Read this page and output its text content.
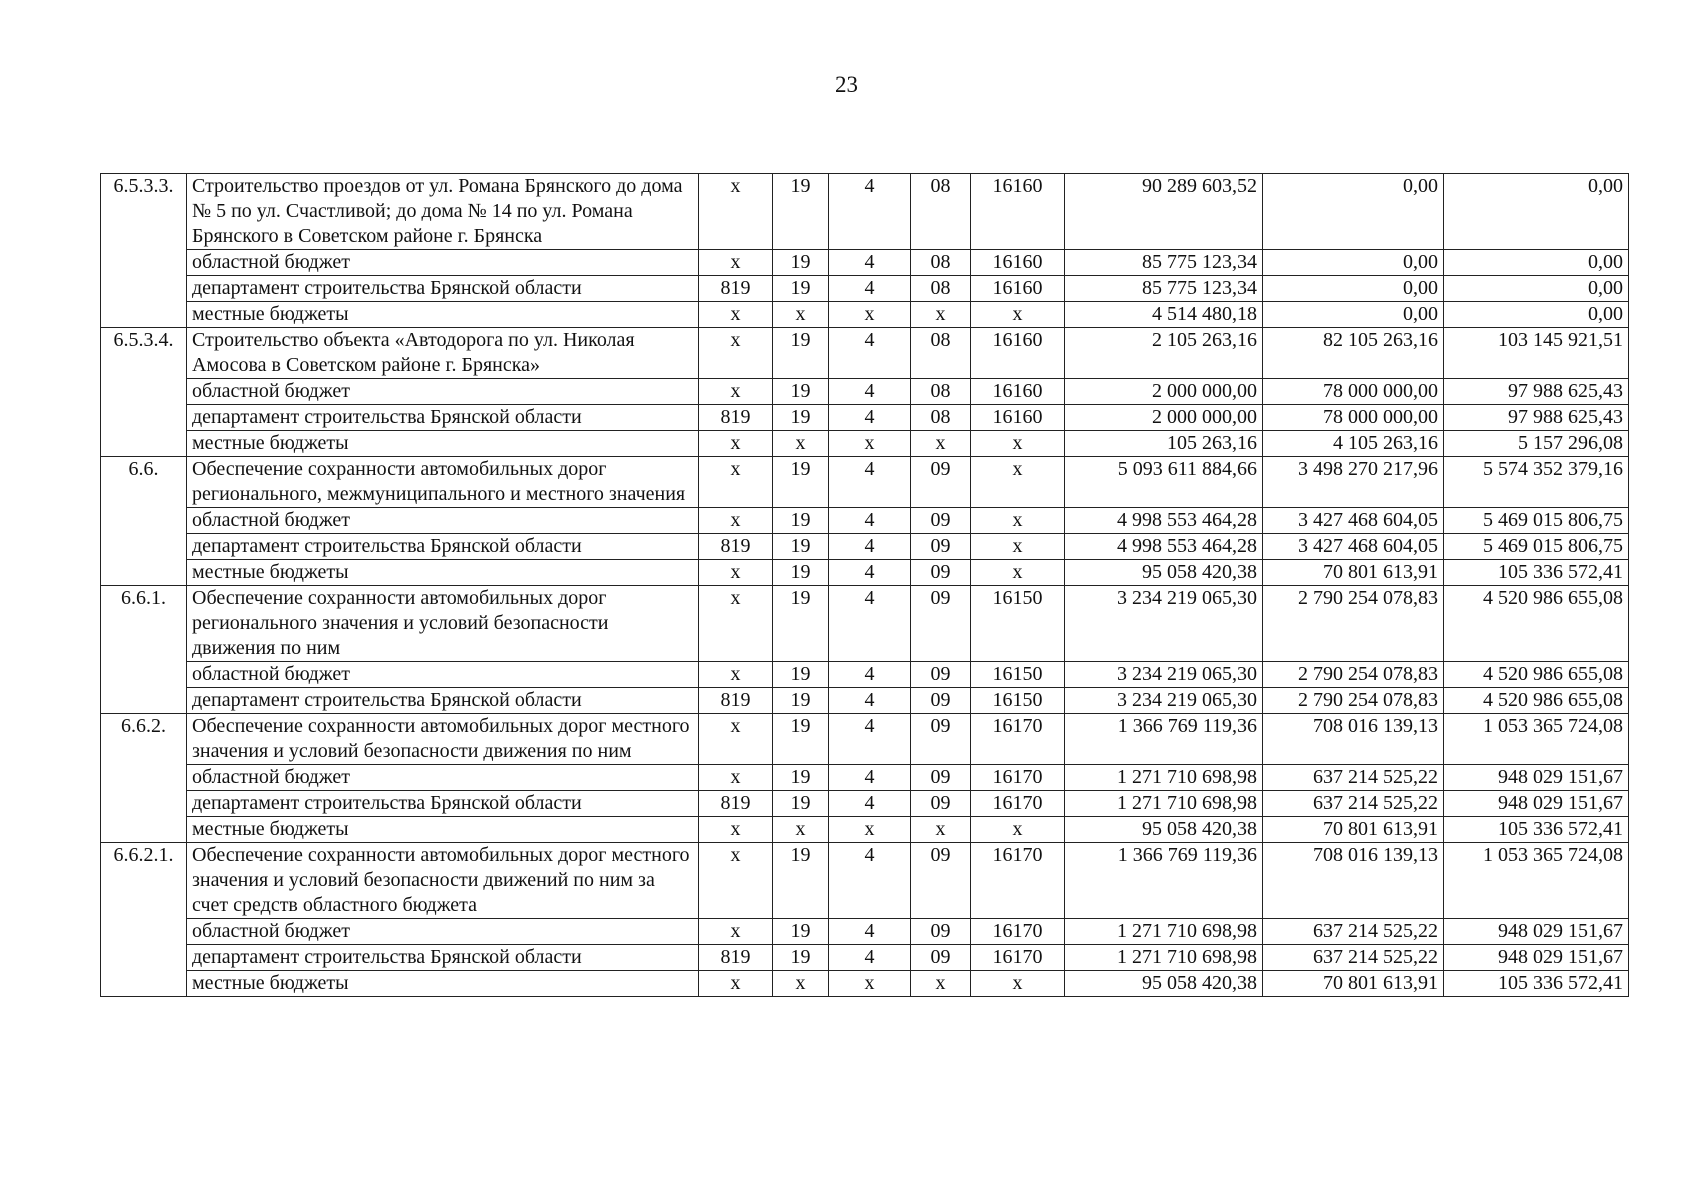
23
6.5.3.3.	Строительство проездов от ул. Романа Брянского до дома № 5 по ул. Счастливой; до дома № 14 по ул. Романа Брянского в Советском районе г. Брянска	х	19	4	08	16160	90 289 603,52	0,00	0,00
	областной бюджет	х	19	4	08	16160	85 775 123,34	0,00	0,00
	департамент строительства Брянской области	819	19	4	08	16160	85 775 123,34	0,00	0,00
	местные бюджеты	х	х	х	х	х	4 514 480,18	0,00	0,00
6.5.3.4.	Строительство объекта «Автодорога по ул. Николая Амосова в Советском районе г. Брянска»	х	19	4	08	16160	2 105 263,16	82 105 263,16	103 145 921,51
	областной бюджет	х	19	4	08	16160	2 000 000,00	78 000 000,00	97 988 625,43
	департамент строительства Брянской области	819	19	4	08	16160	2 000 000,00	78 000 000,00	97 988 625,43
	местные бюджеты	х	х	х	х	х	105 263,16	4 105 263,16	5 157 296,08
6.6.	Обеспечение сохранности автомобильных дорог регионального, межмуниципального и местного значения	х	19	4	09	х	5 093 611 884,66	3 498 270 217,96	5 574 352 379,16
	областной бюджет	х	19	4	09	х	4 998 553 464,28	3 427 468 604,05	5 469 015 806,75
	департамент строительства Брянской области	819	19	4	09	х	4 998 553 464,28	3 427 468 604,05	5 469 015 806,75
	местные бюджеты	х	19	4	09	х	95 058 420,38	70 801 613,91	105 336 572,41
6.6.1.	Обеспечение сохранности автомобильных дорог регионального значения и условий безопасности движения по ним	х	19	4	09	16150	3 234 219 065,30	2 790 254 078,83	4 520 986 655,08
	областной бюджет	х	19	4	09	16150	3 234 219 065,30	2 790 254 078,83	4 520 986 655,08
	департамент строительства Брянской области	819	19	4	09	16150	3 234 219 065,30	2 790 254 078,83	4 520 986 655,08
6.6.2.	Обеспечение сохранности автомобильных дорог местного значения и условий безопасности движения по ним	х	19	4	09	16170	1 366 769 119,36	708 016 139,13	1 053 365 724,08
	областной бюджет	х	19	4	09	16170	1 271 710 698,98	637 214 525,22	948 029 151,67
	департамент строительства Брянской области	819	19	4	09	16170	1 271 710 698,98	637 214 525,22	948 029 151,67
	местные бюджеты	х	х	х	х	х	95 058 420,38	70 801 613,91	105 336 572,41
6.6.2.1.	Обеспечение сохранности автомобильных дорог местного значения и условий безопасности движений по ним за счет средств областного бюджета	х	19	4	09	16170	1 366 769 119,36	708 016 139,13	1 053 365 724,08
	областной бюджет	х	19	4	09	16170	1 271 710 698,98	637 214 525,22	948 029 151,67
	департамент строительства Брянской области	819	19	4	09	16170	1 271 710 698,98	637 214 525,22	948 029 151,67
	местные бюджеты	х	х	х	х	х	95 058 420,38	70 801 613,91	105 336 572,41
